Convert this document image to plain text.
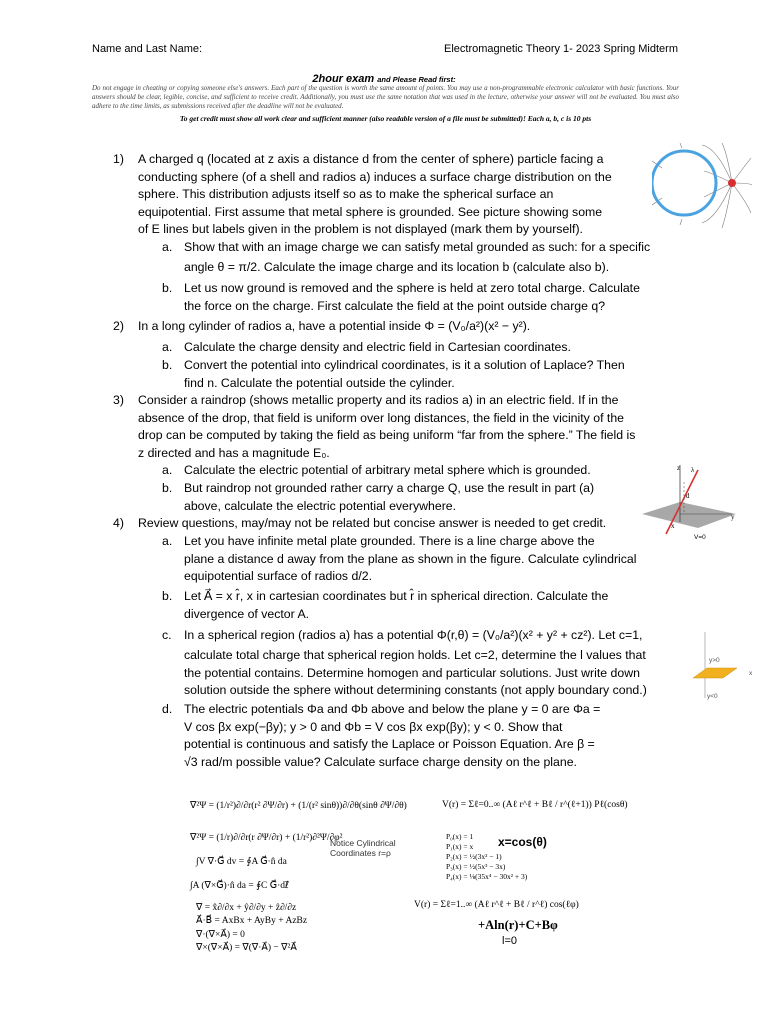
Name and Last Name:	Electromagnetic Theory 1- 2023 Spring Midterm
2hour exam and Please Read first:
Do not engage in cheating or copying someone else's answers. Each part of the question is worth the same amount of points. You may use a non-programmable electronic calculator with basic functions. Your answers should be clear, legible, concise, and sufficient to receive credit. Additionally, you must use the same notation that was used in the lecture, otherwise your answer will not be evaluated. You must also adhere to the time limits, as submissions received after the deadline will not be evaluated.
To get credit must show all work clear and sufficient manner (also readable version of a file must be submitted)! Each a, b, c is 10 pts
1) A charged q (located at z axis a distance d from the center of sphere) particle facing a
conducting sphere (of a shell and radios a) induces a surface charge distribution on the
sphere. This distribution adjusts itself so as to make the spherical surface an
equipotential. First assume that metal sphere is grounded. See picture showing some
of E lines but labels given in the problem is not displayed (mark them by yourself).
a. Show that with an image charge we can satisfy metal grounded as such: for a specific
angle θ = π/2. Calculate the image charge and its location b (calculate also b).
b. Let us now ground is removed and the sphere is held at zero total charge. Calculate
the force on the charge. First calculate the field at the point outside charge q?
2) In a long cylinder of radios a, have a potential inside Φ = (V₀/a²)(x² − y²).
a. Calculate the charge density and electric field in Cartesian coordinates.
b. Convert the potential into cylindrical coordinates, is it a solution of Laplace? Then
find n. Calculate the potential outside the cylinder.
3) Consider a raindrop (shows metallic property and its radios a) in an electric field. If in the
absence of the drop, that field is uniform over long distances, the field in the vicinity of the
drop can be computed by taking the field as being uniform “far from the sphere.” The field is
z directed and has a magnitude E₀.
a. Calculate the electric potential of arbitrary metal sphere which is grounded.
b. But raindrop not grounded rather carry a charge Q, use the result in part (a)
above, calculate the electric potential everywhere.
4) Review questions, may/may not be related but concise answer is needed to get credit.
a. Let you have infinite metal plate grounded. There is a line charge above the
plane a distance d away from the plane as shown in the figure. Calculate cylindrical
equipotential surface of radios d/2.
b. Let A⃗ = x r̂, x in cartesian coordinates but r̂ in spherical direction. Calculate the
divergence of vector A.
c. In a spherical region (radios a) has a potential Φ(r,θ) = (V₀/a²)(x² + y² + cz²). Let c=1,
calculate total charge that spherical region holds. Let c=2, determine the l values that
the potential contains. Determine homogen and particular solutions. Just write down
solution outside the sphere without determining constants (not apply boundary cond.)
d. The electric potentials Φa and Φb above and below the plane y = 0 are Φa =
V cos βx exp(−βy); y > 0 and Φb = V cos βx exp(βy); y < 0. Show that
potential is continuous and satisfy the Laplace or Poisson Equation. Are β =
√3 rad/m possible value? Calculate surface charge density on the plane.
z λ
d
y
x
V=0
y>0
x
y<0
∇²Ψ = (1/r²)∂/∂r(r² ∂Ψ/∂r) + (1/(r² sinθ))∂/∂θ(sinθ ∂Ψ/∂θ)
∇²Ψ = (1/r)∂/∂r(r ∂Ψ/∂r) + (1/r²)∂²Ψ/∂φ²
Notice Cylindrical
Coordinates r=ρ
∫V ∇·G⃗ dv = ∮A G⃗·n̂ da
∫A (∇×G⃗)·n̂ da = ∮C G⃗·dℓ⃗
∇ = x̂∂/∂x + ŷ∂/∂y + ẑ∂/∂z
A⃗·B⃗ = AxBx + AyBy + AzBz
∇·(∇×A⃗) = 0
∇×(∇×A⃗) = ∇(∇·A⃗) − ∇²A⃗
V(r) = Σℓ=0..∞ (Aℓ r^ℓ + Bℓ / r^(ℓ+1)) Pℓ(cosθ)
P₀(x) = 1
P₁(x) = x
P₂(x) = ½(3x² − 1)
P₃(x) = ½(5x³ − 3x)
P₄(x) = ⅛(35x⁴ − 30x² + 3)
x=cos(θ)
V(r) = Σℓ=1..∞ (Aℓ r^ℓ + Bℓ / r^ℓ) cos(ℓφ)
+Aln(r)+C+Bφ
l=0
